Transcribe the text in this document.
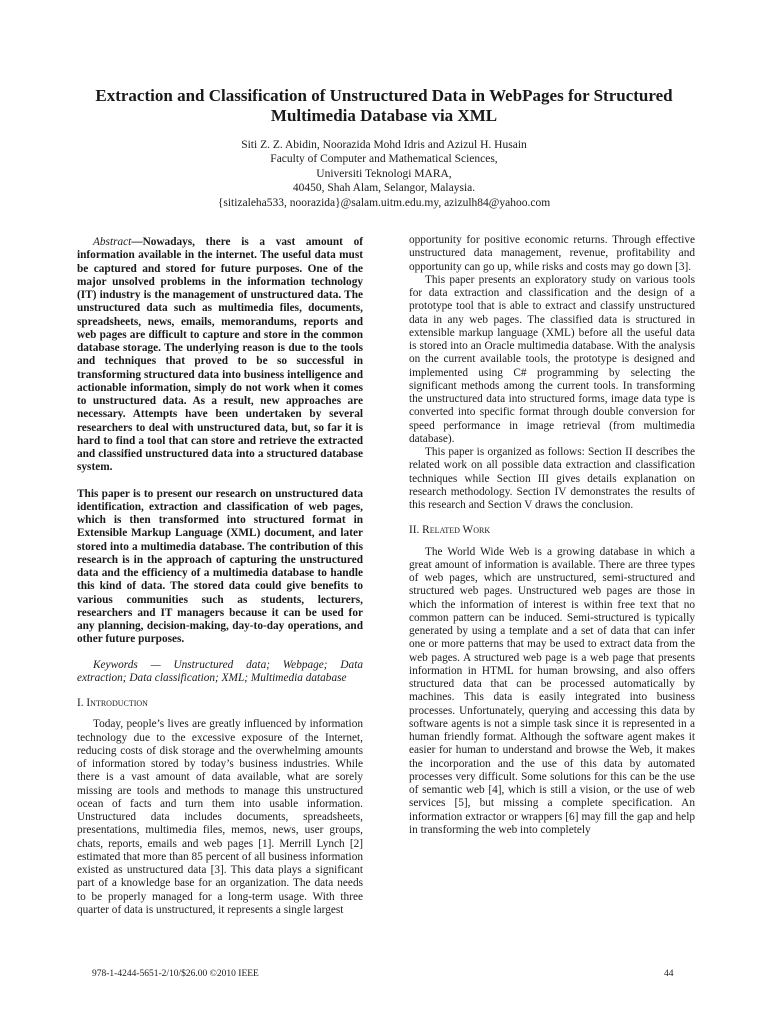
Extraction and Classification of Unstructured Data in WebPages for Structured Multimedia Database via XML
Siti Z. Z. Abidin, Noorazida Mohd Idris and Azizul H. Husain
Faculty of Computer and Mathematical Sciences,
Universiti Teknologi MARA,
40450, Shah Alam, Selangor, Malaysia.
{sitizaleha533, noorazida}@salam.uitm.edu.my, azizulh84@yahoo.com

Abstract—Nowadays, there is a vast amount of information available in the internet. The useful data must be captured and stored for future purposes. One of the major unsolved problems in the information technology (IT) industry is the management of unstructured data. The unstructured data such as multimedia files, documents, spreadsheets, news, emails, memorandums, reports and web pages are difficult to capture and store in the common database storage. The underlying reason is due to the tools and techniques that proved to be so successful in transforming structured data into business intelligence and actionable information, simply do not work when it comes to unstructured data. As a result, new approaches are necessary. Attempts have been undertaken by several researchers to deal with unstructured data, but, so far it is hard to find a tool that can store and retrieve the extracted and classified unstructured data into a structured database system.

This paper is to present our research on unstructured data identification, extraction and classification of web pages, which is then transformed into structured format in Extensible Markup Language (XML) document, and later stored into a multimedia database. The contribution of this research is in the approach of capturing the unstructured data and the efficiency of a multimedia database to handle this kind of data. The stored data could give benefits to various communities such as students, lecturers, researchers and IT managers because it can be used for any planning, decision-making, day-to-day operations, and other future purposes.

Keywords — Unstructured data; Webpage; Data extraction; Data classification; XML; Multimedia database

I. Introduction

Today, people’s lives are greatly influenced by information technology due to the excessive exposure of the Internet, reducing costs of disk storage and the overwhelming amounts of information stored by today’s business industries. While there is a vast amount of data available, what are sorely missing are tools and methods to manage this unstructured ocean of facts and turn them into usable information. Unstructured data includes documents, spreadsheets, presentations, multimedia files, memos, news, user groups, chats, reports, emails and web pages [1]. Merrill Lynch [2] estimated that more than 85 percent of all business information existed as unstructured data [3]. This data plays a significant part of a knowledge base for an organization. The data needs to be properly managed for a long-term usage. With three quarter of data is unstructured, it represents a single largest

opportunity for positive economic returns. Through effective unstructured data management, revenue, profitability and opportunity can go up, while risks and costs may go down [3].

This paper presents an exploratory study on various tools for data extraction and classification and the design of a prototype tool that is able to extract and classify unstructured data in any web pages. The classified data is structured in extensible markup language (XML) before all the useful data is stored into an Oracle multimedia database. With the analysis on the current available tools, the prototype is designed and implemented using C# programming by selecting the significant methods among the current tools. In transforming the unstructured data into structured forms, image data type is converted into specific format through double conversion for speed performance in image retrieval (from multimedia database).

This paper is organized as follows: Section II describes the related work on all possible data extraction and classification techniques while Section III gives details explanation on research methodology. Section IV demonstrates the results of this research and Section V draws the conclusion.

II. Related Work

The World Wide Web is a growing database in which a great amount of information is available. There are three types of web pages, which are unstructured, semi-structured and structured web pages. Unstructured web pages are those in which the information of interest is within free text that no common pattern can be induced. Semi-structured is typically generated by using a template and a set of data that can infer one or more patterns that may be used to extract data from the web pages. A structured web page is a web page that presents information in HTML for human browsing, and also offers structured data that can be processed automatically by machines. This data is easily integrated into business processes. Unfortunately, querying and accessing this data by software agents is not a simple task since it is represented in a human friendly format. Although the software agent makes it easier for human to understand and browse the Web, it makes the incorporation and the use of this data by automated processes very difficult. Some solutions for this can be the use of semantic web [4], which is still a vision, or the use of web services [5], but missing a complete specification. An information extractor or wrappers [6] may fill the gap and help in transforming the web into completely

978-1-4244-5651-2/10/$26.00 ©2010 IEEE	44
